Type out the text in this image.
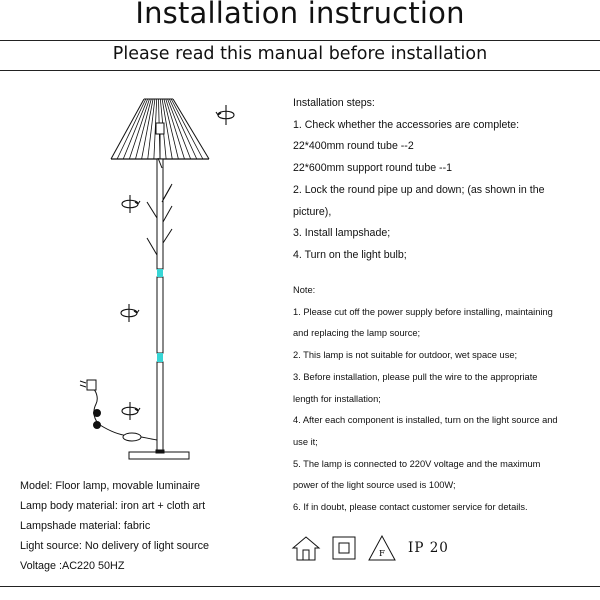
Installation instruction
Please read this manual before installation
F IP 20
Installation steps:
1. Check whether the accessories are complete:
22*400mm round tube --2
22*600mm support round tube --1
2. Lock the round pipe up and down; (as shown in the
picture),
3. Install lampshade;
4. Turn on the light bulb;
Note:
1. Please cut off the power supply before installing, maintaining
and replacing the lamp source;
2. This lamp is not suitable for outdoor, wet space use;
3. Before installation, please pull the wire to the appropriate
length for installation;
4. After each component is installed, turn on the light source and
use it;
5. The lamp is connected to 220V voltage and the maximum
power of the light source used is 100W;
6. If in doubt, please contact customer service for details.
Model: Floor lamp, movable luminaire
Lamp body material: iron art + cloth art
Lampshade material: fabric
Light source: No delivery of light source
Voltage :AC220 50HZ
